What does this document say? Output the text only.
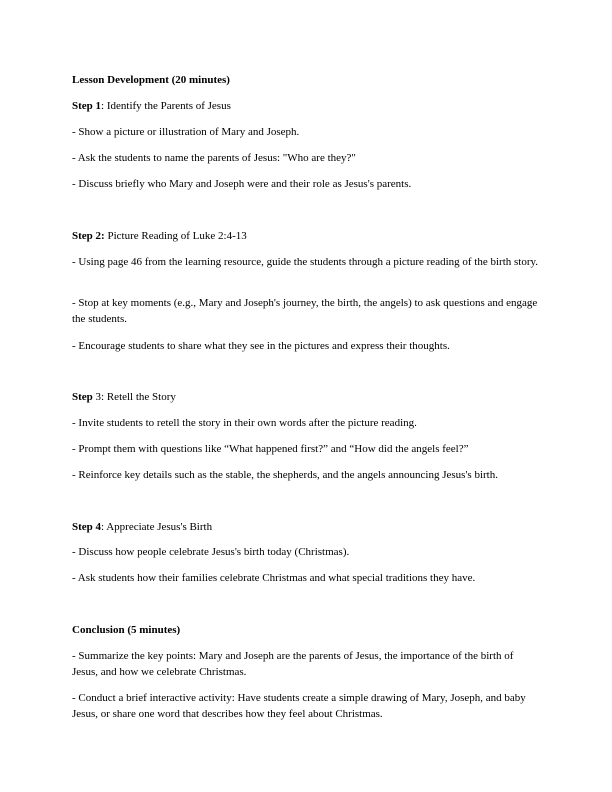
Lesson Development (20 minutes)
Step 1: Identify the Parents of Jesus
- Show a picture or illustration of Mary and Joseph.
- Ask the students to name the parents of Jesus: "Who are they?"
- Discuss briefly who Mary and Joseph were and their role as Jesus's parents.
Step 2: Picture Reading of Luke 2:4-13
- Using page 46 from the learning resource, guide the students through a picture reading of the birth story.
- Stop at key moments (e.g., Mary and Joseph's journey, the birth, the angels) to ask questions and engage the students.
- Encourage students to share what they see in the pictures and express their thoughts.
Step 3: Retell the Story
- Invite students to retell the story in their own words after the picture reading.
- Prompt them with questions like “What happened first?” and “How did the angels feel?”
- Reinforce key details such as the stable, the shepherds, and the angels announcing Jesus's birth.
Step 4: Appreciate Jesus's Birth
- Discuss how people celebrate Jesus's birth today (Christmas).
- Ask students how their families celebrate Christmas and what special traditions they have.
Conclusion (5 minutes)
- Summarize the key points: Mary and Joseph are the parents of Jesus, the importance of the birth of Jesus, and how we celebrate Christmas.
- Conduct a brief interactive activity: Have students create a simple drawing of Mary, Joseph, and baby Jesus, or share one word that describes how they feel about Christmas.
